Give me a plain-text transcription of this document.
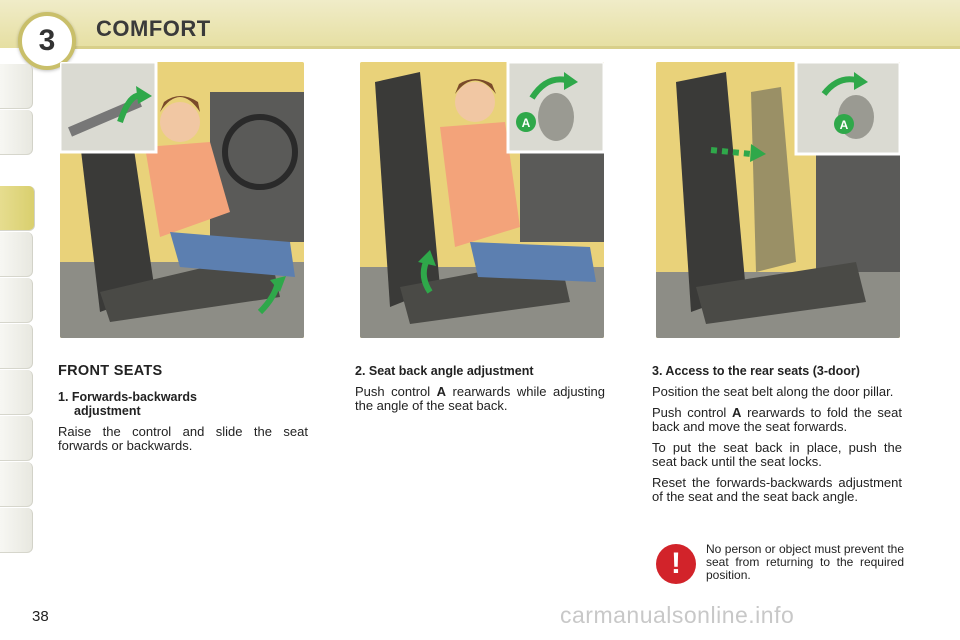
3	COMFORT
A	A
FRONT SEATS
1. Forwards-backwards
adjustment

Raise the control and slide the seat forwards or backwards.

2. Seat back angle adjustment

Push control A rearwards while adjusting the angle of the seat back.

3. Access to the rear seats (3-door)

Position the seat belt along the door pillar.

Push control A rearwards to fold the seat back and move the seat forwards.

To put the seat back in place, push the seat back until the seat locks.

Reset the forwards-backwards adjustment of the seat and the seat back angle.

!	No person or object must prevent the seat from returning to the required position.
38	carmanualsonline.info
